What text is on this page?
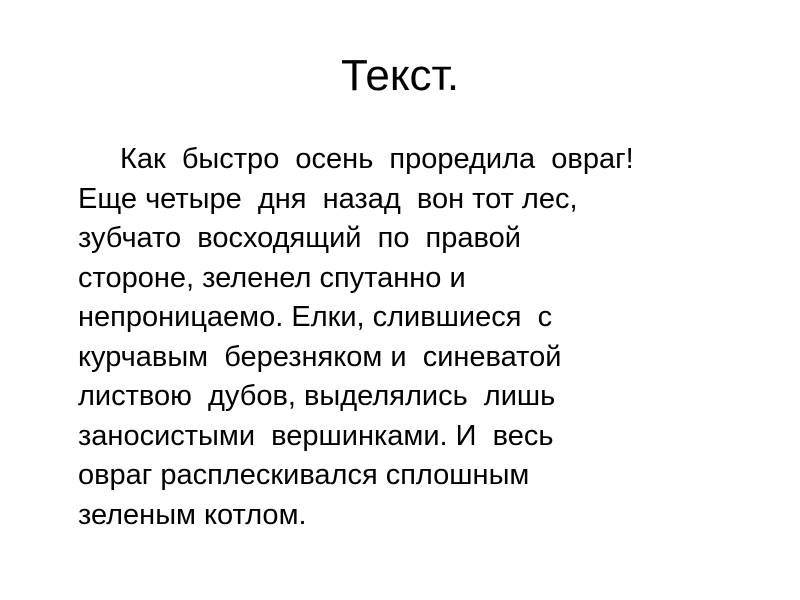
Текст.

Как  быстро  осень  проредила  овраг!
Еще четыре  дня  назад  вон тот лес,
зубчато  восходящий  по  правой
стороне, зеленел спутанно и
непроницаемо. Елки, слившиеся  с
курчавым  березняком и  синеватой
листвою  дубов, выделялись  лишь
заносистыми  вершинками. И  весь
овраг расплескивался сплошным
зеленым котлом.
